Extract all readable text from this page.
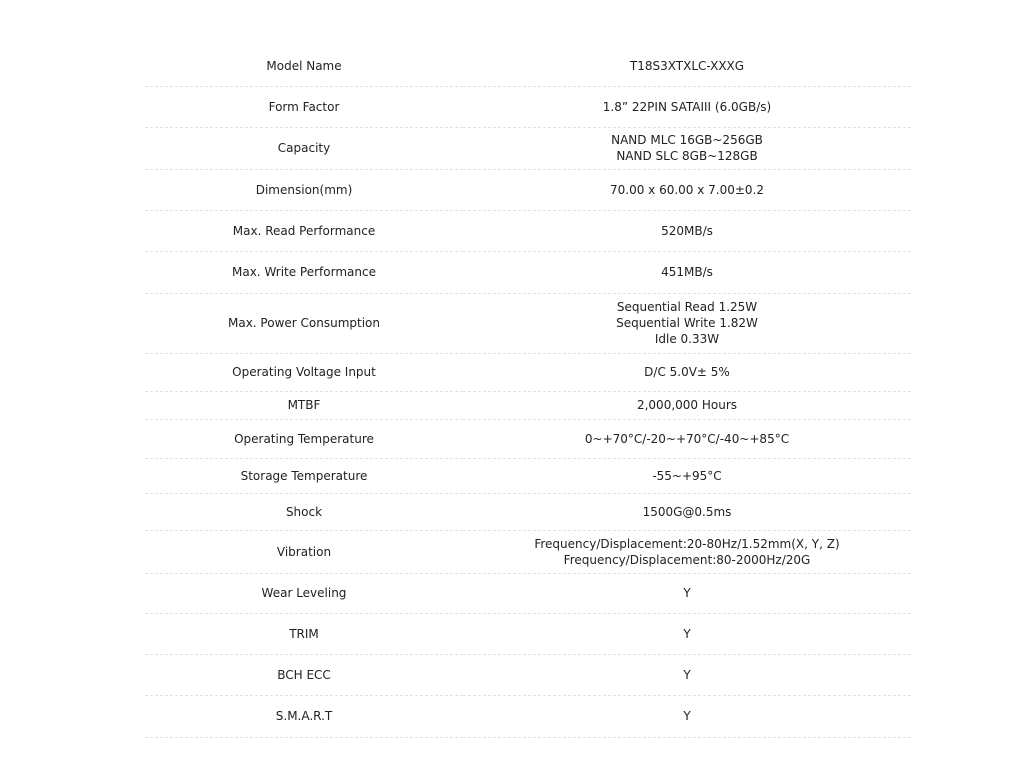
Model Name	T18S3XTXLC-XXXG

Form Factor	1.8” 22PIN SATAIII (6.0GB/s)

Capacity	NAND MLC 16GB~256GB
NAND SLC 8GB~128GB

Dimension(mm)	70.00 x 60.00 x 7.00±0.2

Max. Read Performance	520MB/s

Max. Write Performance	451MB/s

Max. Power Consumption	Sequential Read 1.25W
Sequential Write 1.82W
Idle 0.33W

Operating Voltage Input	D/C 5.0V± 5%

MTBF	2,000,000 Hours

Operating Temperature	0~+70°C/-20~+70°C/-40~+85°C

Storage Temperature	-55~+95°C

Shock	1500G@0.5ms

Vibration	Frequency/Displacement:20-80Hz/1.52mm(X, Y, Z)
Frequency/Displacement:80-2000Hz/20G

Wear Leveling	Y

TRIM	Y

BCH ECC	Y

S.M.A.R.T	Y
